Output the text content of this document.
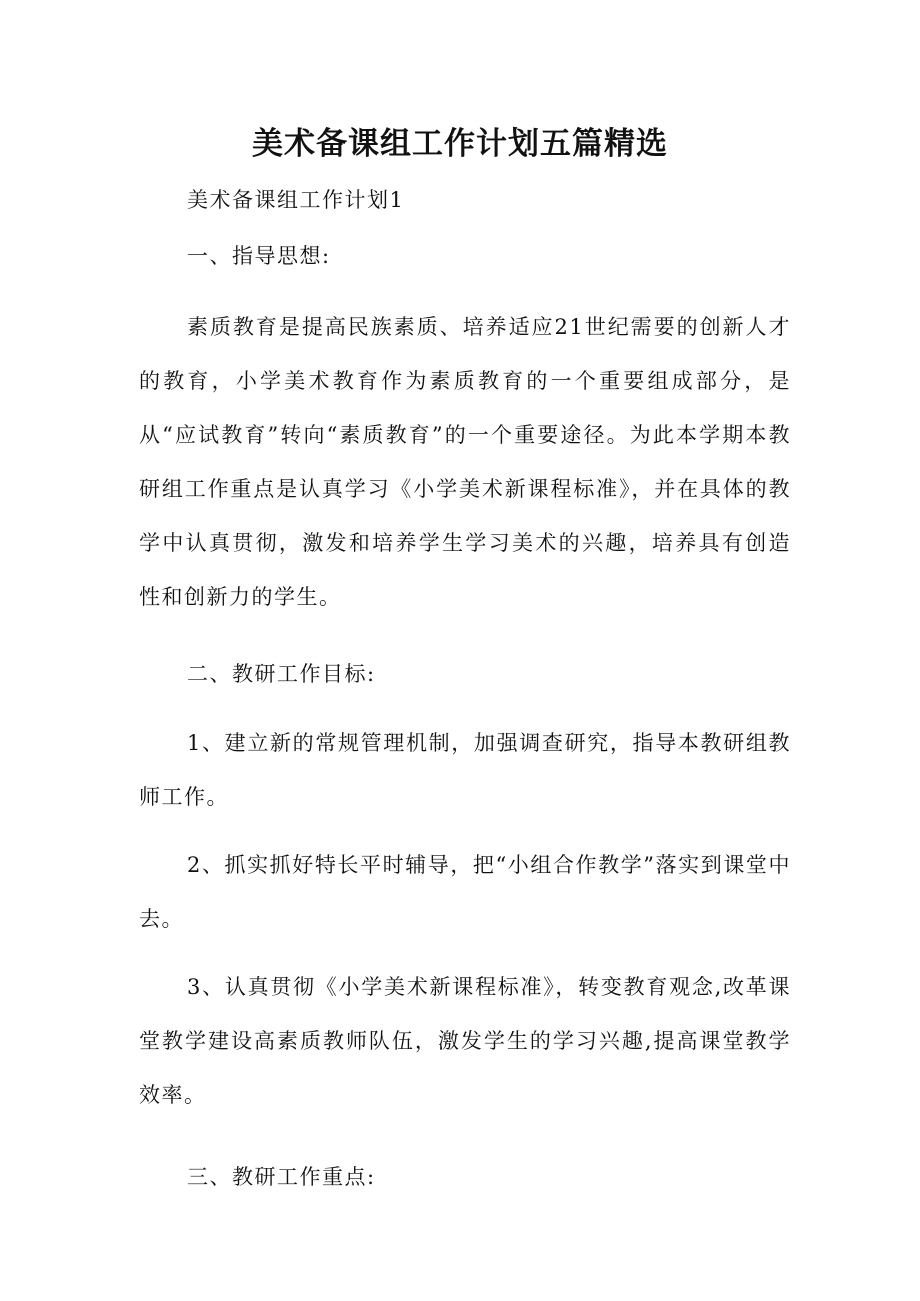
美术备课组工作计划五篇精选

美术备课组工作计划1

一、指导思想:

素质教育是提高民族素质、培养适应21世纪需要的创新人才的教育，小学美术教育作为素质教育的一个重要组成部分，是从“应试教育”转向“素质教育”的一个重要途径。为此本学期本教研组工作重点是认真学习《小学美术新课程标准》，并在具体的教学中认真贯彻，激发和培养学生学习美术的兴趣，培养具有创造性和创新力的学生。

二、教研工作目标:

1、建立新的常规管理机制，加强调查研究，指导本教研组教师工作。

2、抓实抓好特长平时辅导，把“小组合作教学”落实到课堂中去。

3、认真贯彻《小学美术新课程标准》，转变教育观念,改革课堂教学建设高素质教师队伍，激发学生的学习兴趣,提高课堂教学效率。

三、教研工作重点:
